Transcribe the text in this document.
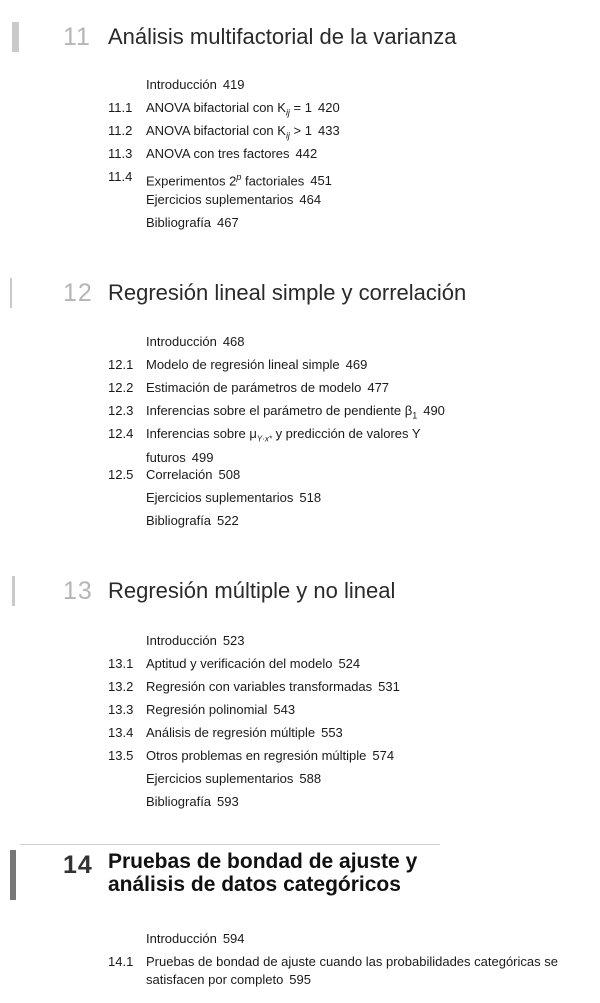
11 Análisis multifactorial de la varianza
Introducción 419
11.1 ANOVA bifactorial con $K_{ij} = 1$ 420
11.2 ANOVA bifactorial con $K_{ij} > 1$ 433
11.3 ANOVA con tres factores 442
11.4 Experimentos 2$^p$ factoriales 451
Ejercicios suplementarios 464
Bibliografía 467
12 Regresión lineal simple y correlación
Introducción 468
12.1 Modelo de regresión lineal simple 469
12.2 Estimación de parámetros de modelo 477
12.3 Inferencias sobre el parámetro de pendiente $\beta_1$ 490
12.4 Inferencias sobre $\mu_{Y\cdot x*}$ y predicción de valores Y futuros 499
12.5 Correlación 508
Ejercicios suplementarios 518
Bibliografía 522
13 Regresión múltiple y no lineal
Introducción 523
13.1 Aptitud y verificación del modelo 524
13.2 Regresión con variables transformadas 531
13.3 Regresión polinomial 543
13.4 Análisis de regresión múltiple 553
13.5 Otros problemas en regresión múltiple 574
Ejercicios suplementarios 588
Bibliografía 593
14 Pruebas de bondad de ajuste y análisis de datos categóricos
Introducción 594
14.1 Pruebas de bondad de ajuste cuando las probabilidades categóricas se satisfacen por completo 595
